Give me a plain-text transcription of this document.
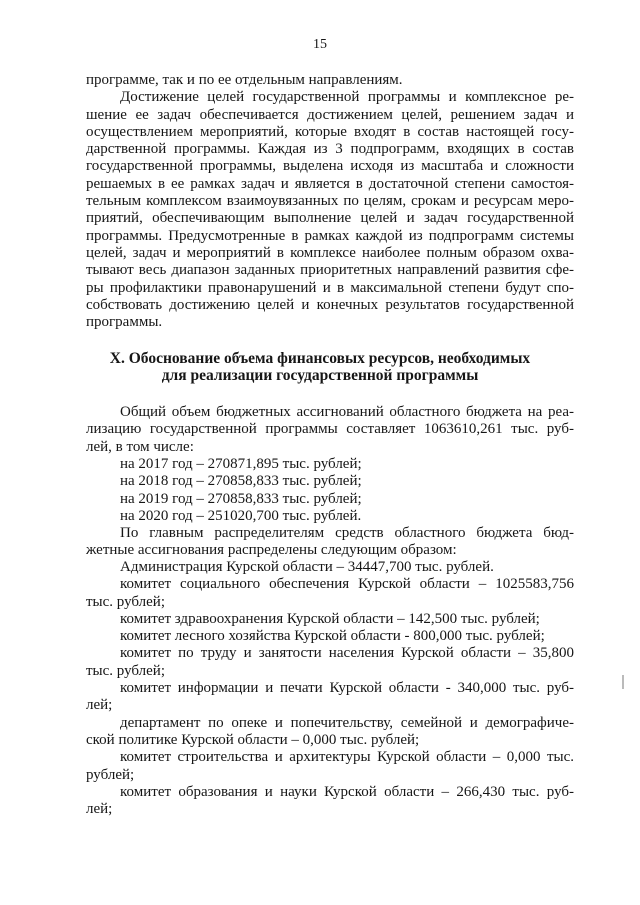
15
программе, так и по ее отдельным направлениям.
Достижение целей государственной программы и комплексное ре-
шение ее задач обеспечивается достижением целей, решением задач и
осуществлением мероприятий, которые входят в состав настоящей госу-
дарственной программы. Каждая из 3 подпрограмм, входящих в состав
государственной программы, выделена исходя из масштаба и сложности
решаемых в ее рамках задач и является в достаточной степени самостоя-
тельным комплексом взаимоувязанных по целям, срокам и ресурсам меро-
приятий, обеспечивающим выполнение целей и задач государственной
программы. Предусмотренные в рамках каждой из подпрограмм системы
целей, задач и мероприятий в комплексе наиболее полным образом охва-
тывают весь диапазон заданных приоритетных направлений развития сфе-
ры профилактики правонарушений и в максимальной степени будут спо-
собствовать достижению целей и конечных результатов государственной
программы.
X. Обоснование объема финансовых ресурсов, необходимых
для реализации государственной программы
Общий объем бюджетных ассигнований областного бюджета на реа-
лизацию государственной программы составляет 1063610,261 тыс. руб-
лей, в том числе:
на 2017 год – 270871,895 тыс. рублей;
на 2018 год – 270858,833 тыс. рублей;
на 2019 год – 270858,833 тыс. рублей;
на 2020 год – 251020,700 тыс. рублей.
По главным распределителям средств областного бюджета бюд-
жетные ассигнования распределены следующим образом:
Администрация Курской области – 34447,700 тыс. рублей.
комитет социального обеспечения Курской области – 1025583,756
тыс. рублей;
комитет здравоохранения Курской области – 142,500 тыс. рублей;
комитет лесного хозяйства Курской области - 800,000 тыс. рублей;
комитет по труду и занятости населения Курской области – 35,800
тыс. рублей;
комитет информации и печати Курской области - 340,000 тыс. руб-
лей;
департамент по опеке и попечительству, семейной и демографиче-
ской политике Курской области – 0,000 тыс. рублей;
комитет строительства и архитектуры Курской области – 0,000 тыс.
рублей;
комитет образования и науки Курской области – 266,430 тыс. руб-
лей;
